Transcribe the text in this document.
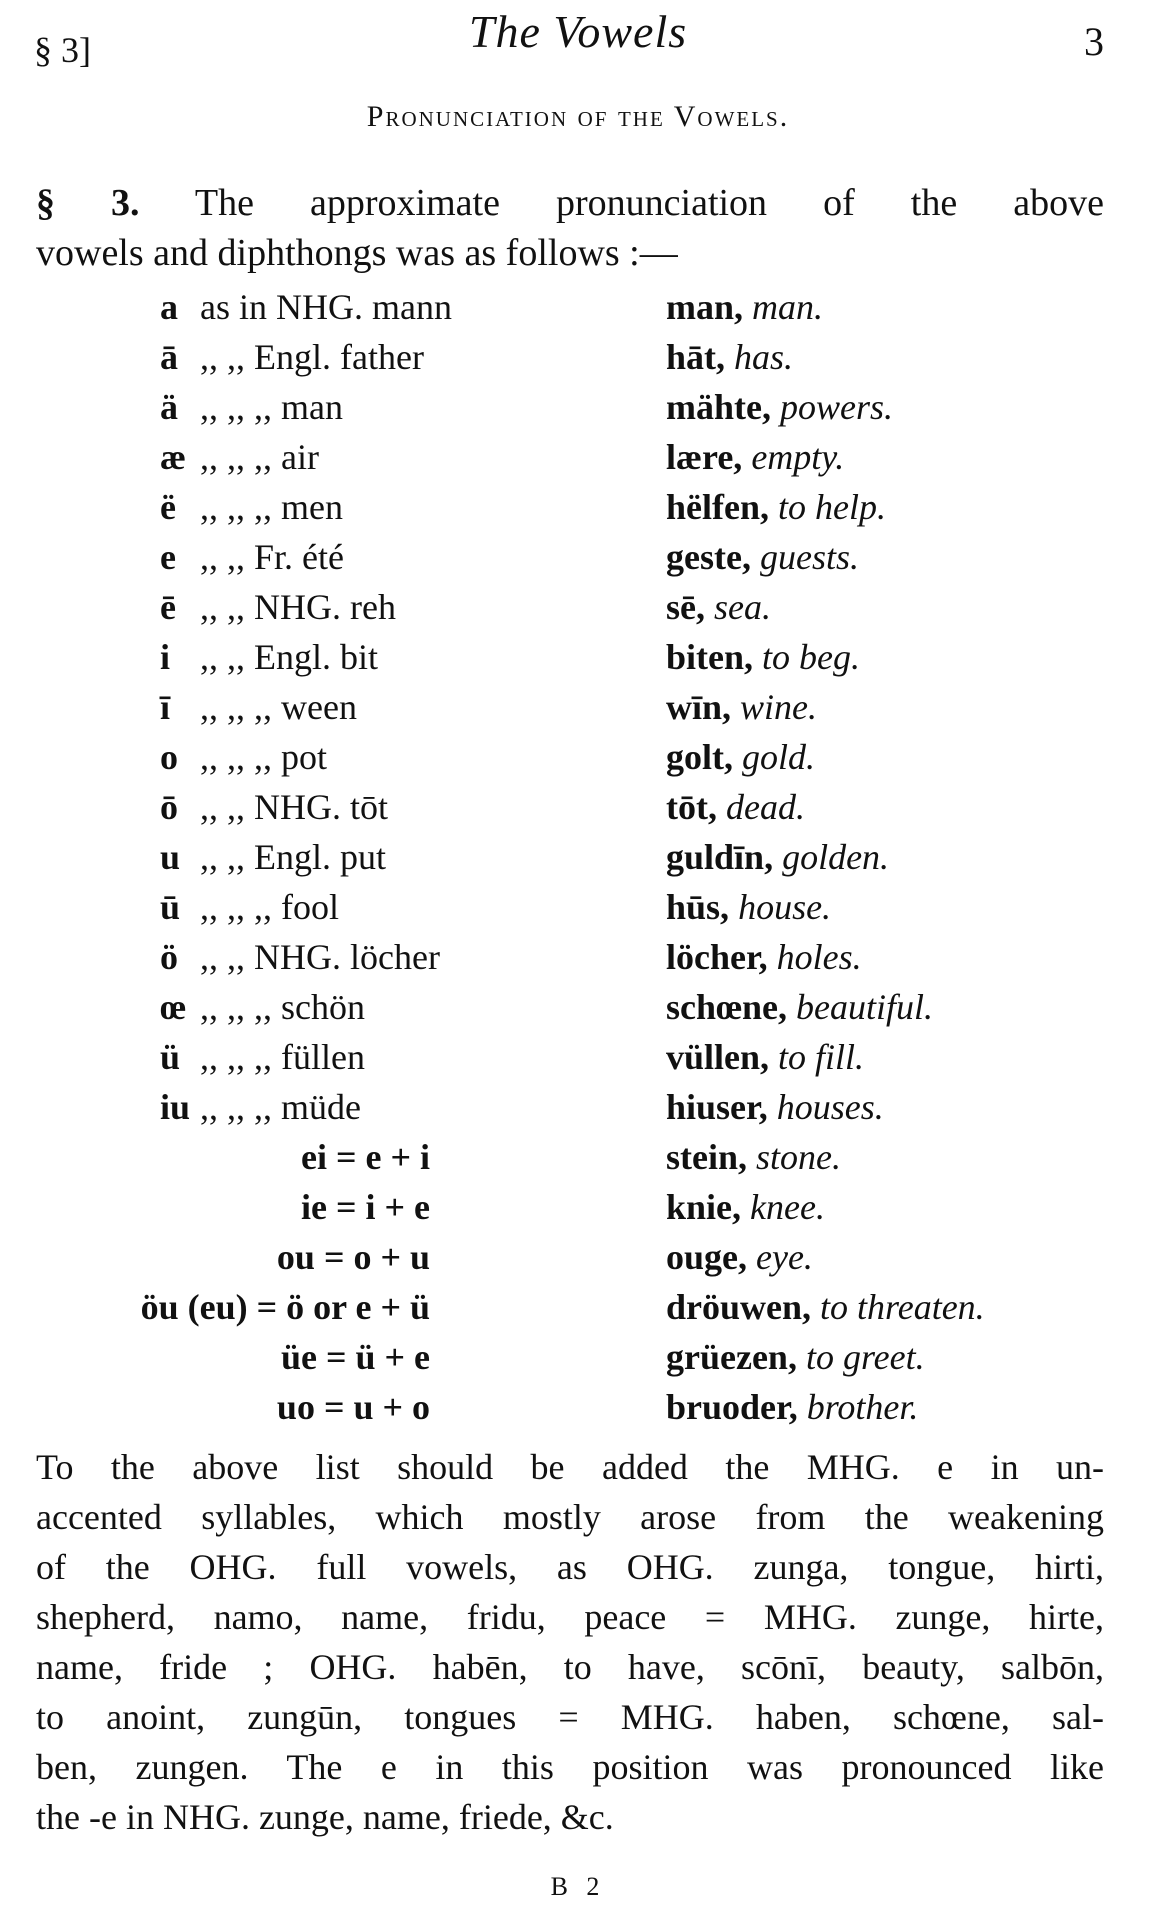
§ 3]	The Vowels	3
Pronunciation of the Vowels.
§ 3. The approximate pronunciation of the above
vowels and diphthongs was as follows :—
a as in NHG. mann	man, man.
ā ,, ,, Engl. father	hāt, has.
ä ,, ,, ,, man	mähte, powers.
æ ,, ,, ,, air	lære, empty.
ë ,, ,, ,, men	hëlfen, to help.
e ,, ,, Fr. été	geste, guests.
ē ,, ,, NHG. reh	sē, sea.
i ,, ,, Engl. bit	biten, to beg.
ī ,, ,, ,, ween	wīn, wine.
o ,, ,, ,, pot	golt, gold.
ō ,, ,, NHG. tōt	tōt, dead.
u ,, ,, Engl. put	guldīn, golden.
ū ,, ,, ,, fool	hūs, house.
ö ,, ,, NHG. löcher	löcher, holes.
œ ,, ,, ,, schön	schœne, beautiful.
ü ,, ,, ,, füllen	vüllen, to fill.
iu ,, ,, ,, müde	hiuser, houses.
ei = e + i	stein, stone.
ie = i + e	knie, knee.
ou = o + u	ouge, eye.
öu (eu) = ö or e + ü	dröuwen, to threaten.
üe = ü + e	grüezen, to greet.
uo = u + o	bruoder, brother.
To the above list should be added the MHG. e in un-
accented syllables, which mostly arose from the weakening
of the OHG. full vowels, as OHG. zunga, tongue, hirti,
shepherd, namo, name, fridu, peace = MHG. zunge, hirte,
name, fride ; OHG. habēn, to have, scōnī, beauty, salbōn,
to anoint, zungūn, tongues = MHG. haben, schœne, sal-
ben, zungen. The e in this position was pronounced like
the -e in NHG. zunge, name, friede, &c.
B 2
